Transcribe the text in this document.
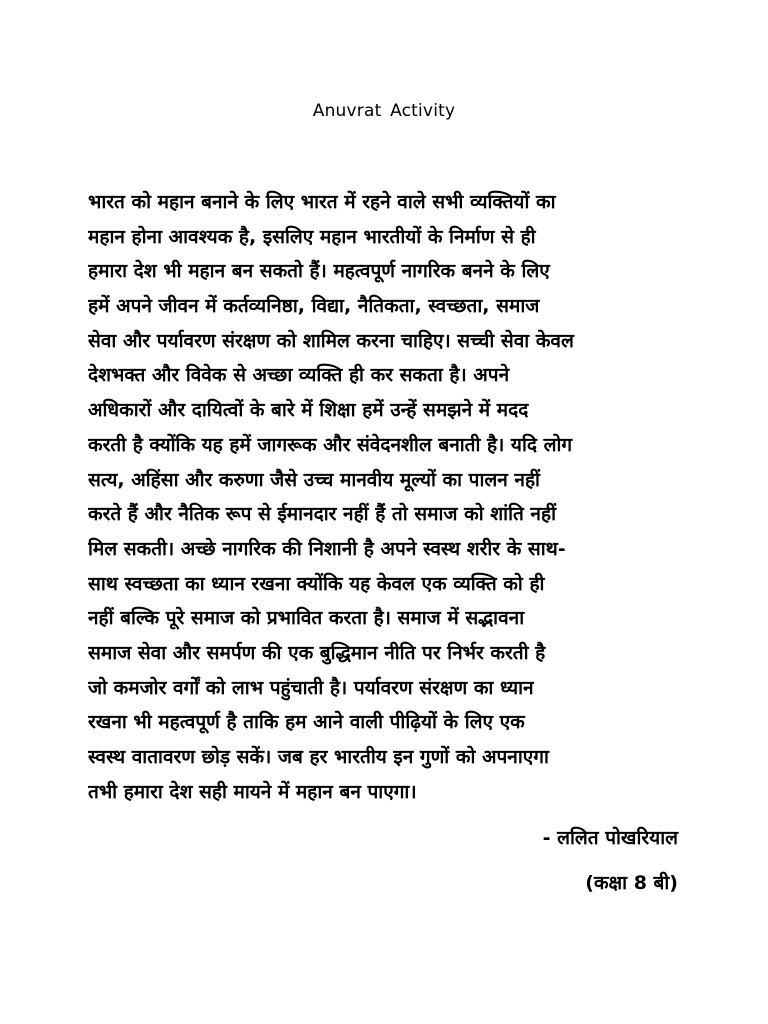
Anuvrat Activity
भारत को महान बनाने के लिए भारत में रहने वाले सभी व्यक्तियों का
महान होना आवश्यक है, इसलिए महान भारतीयों के निर्माण से ही
हमारा देश भी महान बन सकताे हैं। महत्वपूर्ण नागरिक बनने के लिए
हमें अपने जीवन में कर्तव्यनिष्ठा, विद्या, नैतिकता, स्वच्छता, समाज
सेवा और पर्यावरण संरक्षण को शामिल करना चाहिए। सच्ची सेवा केवल
देशभक्त और विवेक से अच्छा व्यक्ति ही कर सकता है। अपने
अधिकारों और दायित्वों के बारे में शिक्षा हमें उन्हें समझने में मदद
करती है क्योंकि यह हमें जागरूक और संवेदनशील बनाती है। यदि लोग
सत्य, अहिंसा और करुणा जैसे उच्च मानवीय मूल्यों का पालन नहीं
करते हैं और नैतिक रूप से ईमानदार नहीं हैं तो समाज को शांति नहीं
मिल सकती। अच्छे नागरिक की निशानी है अपने स्वस्थ शरीर के साथ-
साथ स्वच्छता का ध्यान रखना क्योंकि यह केवल एक व्यक्ति को ही
नहीं बल्कि पूरे समाज को प्रभावित करता है। समाज में सद्भावना
समाज सेवा और समर्पण की एक बुद्धिमान नीति पर निर्भर करती है
जो कमजोर वर्गों को लाभ पहुंचाती है। पर्यावरण संरक्षण का ध्यान
रखना भी महत्वपूर्ण है ताकि हम आने वाली पीढ़ियों के लिए एक
स्वस्थ वातावरण छोड़ सकें। जब हर भारतीय इन गुणों को अपनाएगा
तभी हमारा देश सही मायने में महान बन पाएगा।
- ललित पोखरियाल
(कक्षा 8 बी)
